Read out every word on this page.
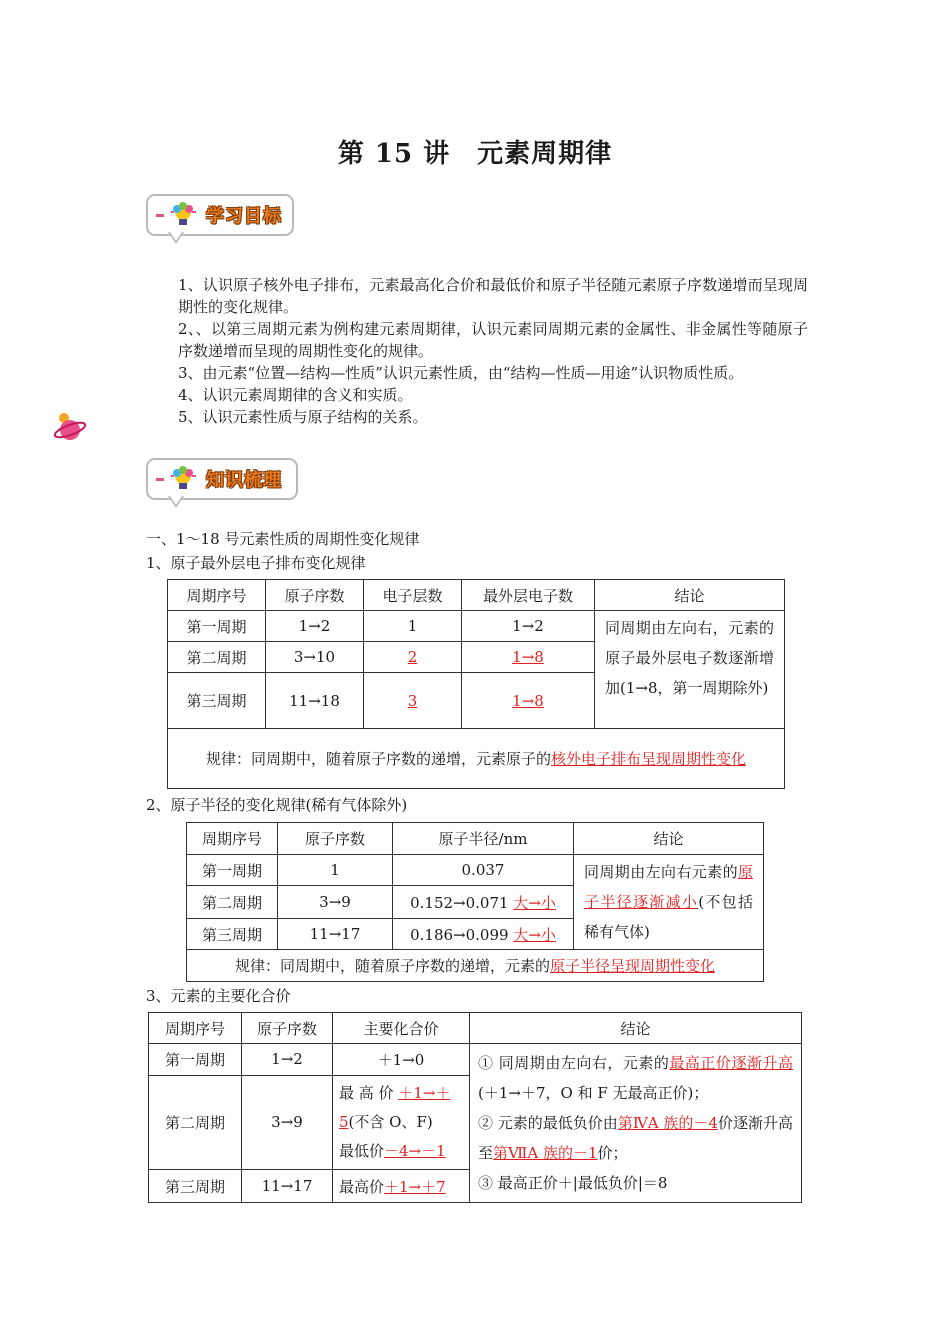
第 15 讲　元素周期律
学习目标

1、认识原子核外电子排布，元素最高化合价和最低价和原子半径随元素原子序数递增而呈现周期性的变化规律。

2、、以第三周期元素为例构建元素周期律，认识元素同周期元素的金属性、非金属性等随原子序数递增而呈现的周期性变化的规律。

3、由元素“位置—结构—性质”认识元素性质，由“结构—性质—用途”认识物质性质。

4、认识元素周期律的含义和实质。

5、认识元素性质与原子结构的关系。

知识梳理
一、1～18 号元素性质的周期性变化规律
1、原子最外层电子排布变化规律
周期序号	原子序数	电子层数	最外层电子数	结论
第一周期	1→2	1	1→2	同周期由左向右，元素的原子最外层电子数逐渐增加(1→8，第一周期除外)
第二周期	3→10	2	1→8	
第三周期	11→18	3	1→8	
规律：同周期中，随着原子序数的递增，元素原子的核外电子排布呈现周期性变化				
2、原子半径的变化规律(稀有气体除外)
周期序号	原子序数	原子半径/nm	结论
第一周期	1	0.037	同周期由左向右元素的原子半径逐渐减小(不包括稀有气体)
第二周期	3→9	0.152→0.071 大→小	
第三周期	11→17	0.186→0.099 大→小	
规律：同周期中，随着原子序数的递增，元素的原子半径呈现周期性变化			
3、元素的主要化合价
周期序号	原子序数	主要化合价	结论
第一周期	1→2	＋1→0	① 同周期由左向右，元素的最高正价逐渐升高(＋1→＋7，O 和 F 无最高正价)；
② 元素的最低负价由第ⅣA 族的－4价逐渐升高至第ⅦA 族的－1价；
③ 最高正价＋|最低负价|＝8

第二周期	3→9	最 高 价 ＋1→＋5(不含 O、F)
最低价－4→－1	
第三周期	11→17	最高价＋1→＋7	
